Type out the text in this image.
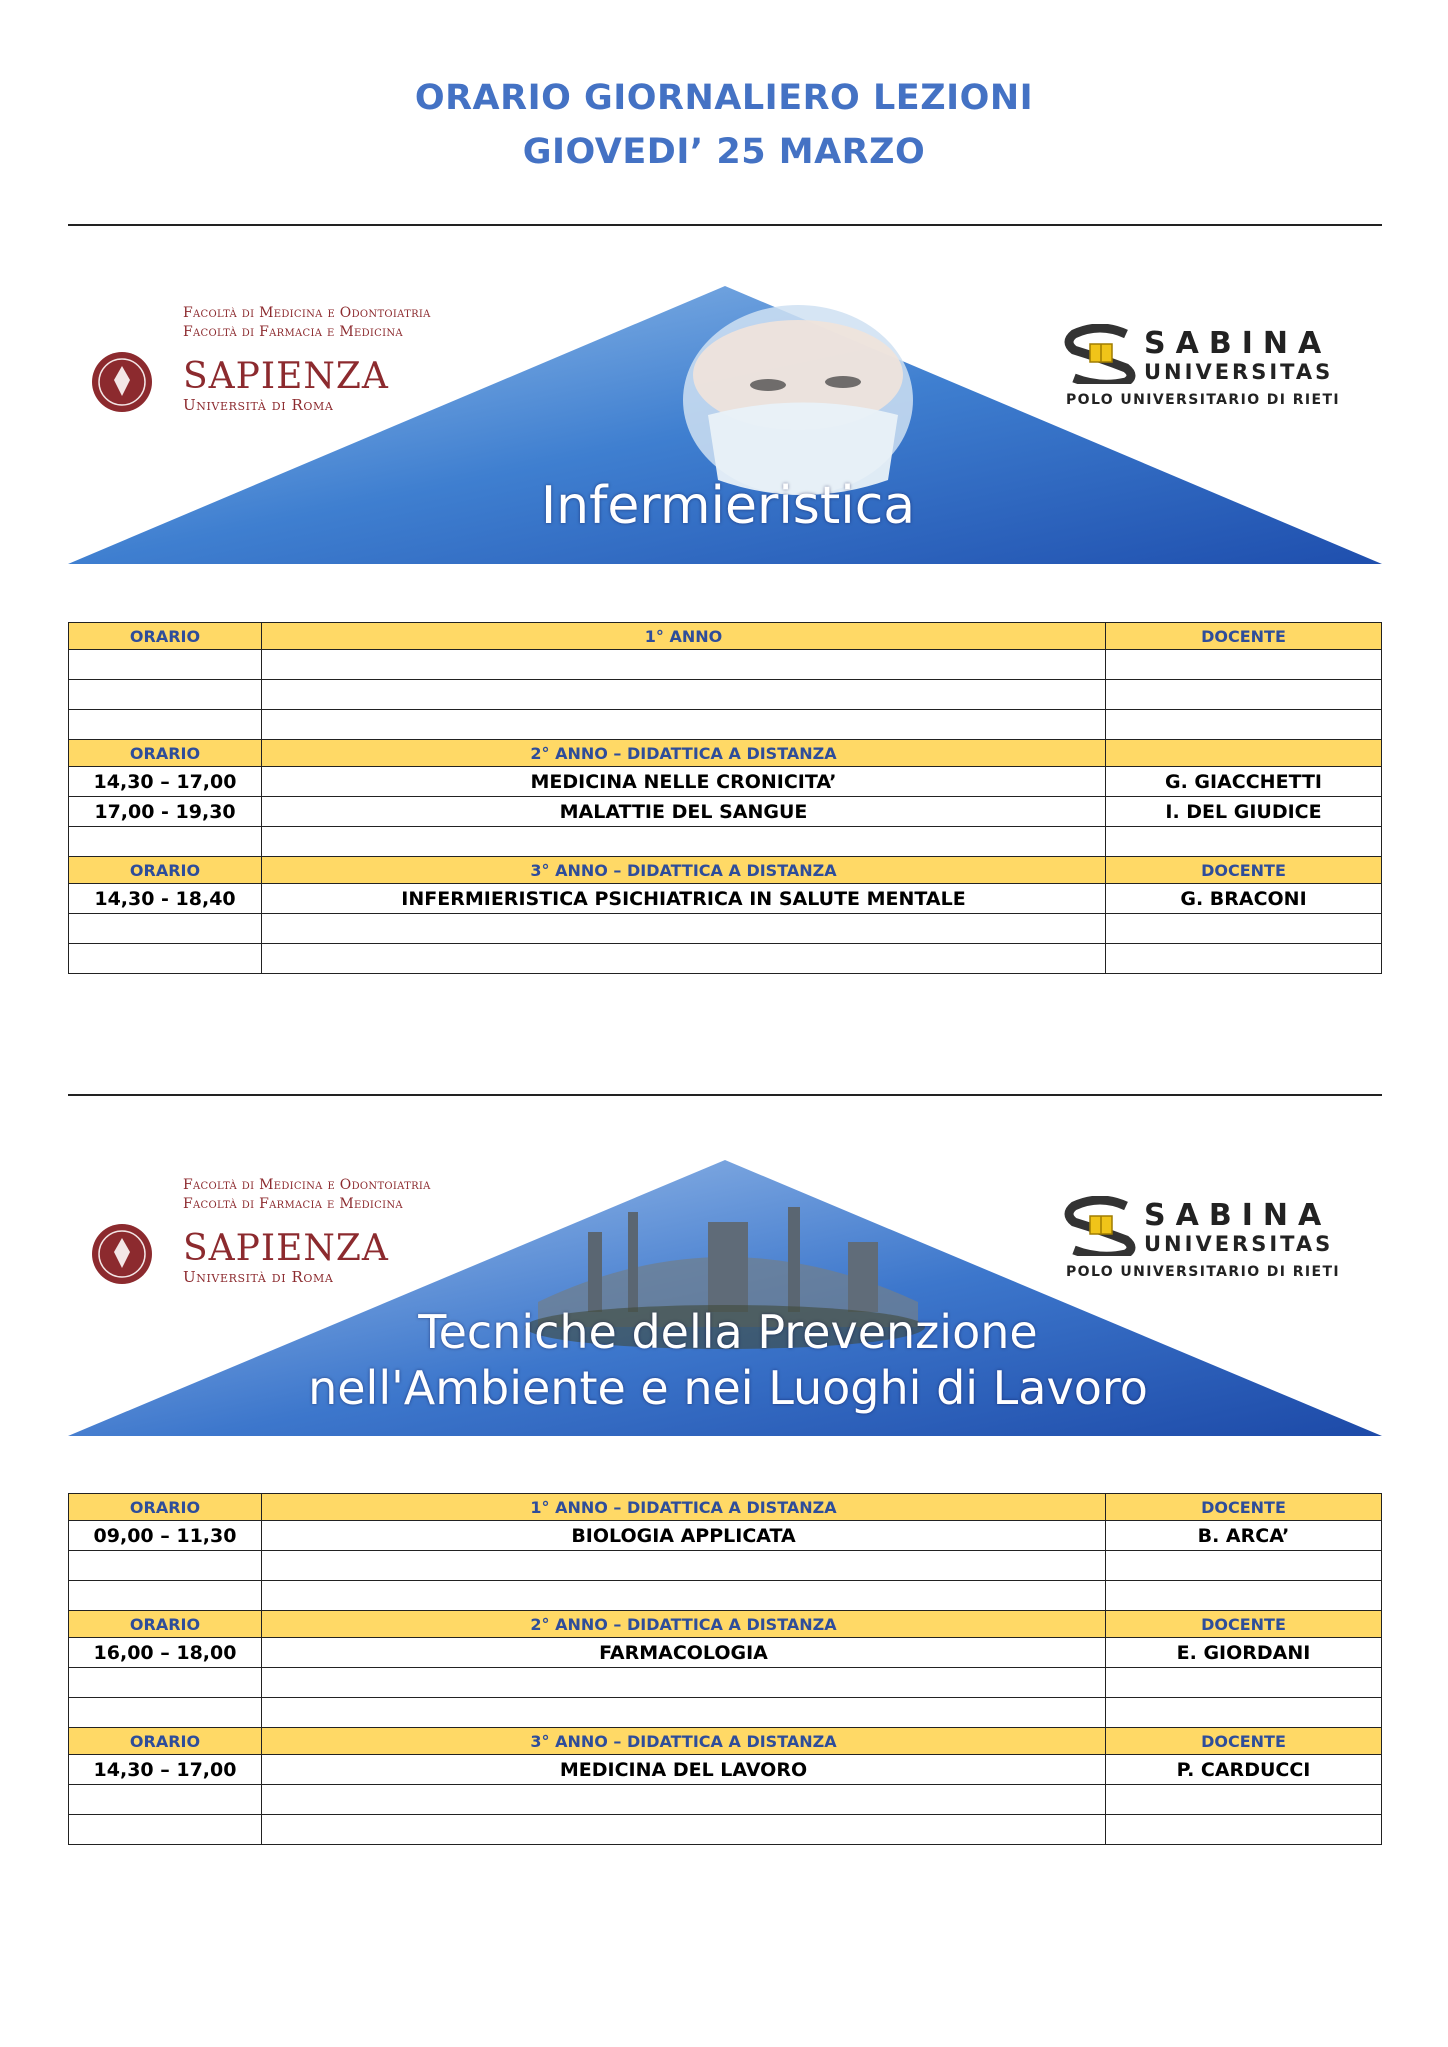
ORARIO GIORNALIERO LEZIONI
GIOVEDI’ 25 MARZO
Facoltà di Medicina e Odontoiatria
Facoltà di Farmacia e Medicina
SAPIENZA
Università di Roma
SABINA
UNIVERSITAS
POLO UNIVERSITARIO DI RIETI
Infermieristica
ORARIO	1° ANNO	DOCENTE

ORARIO	2° ANNO – DIDATTICA A DISTANZA	
14,30 – 17,00	MEDICINA NELLE CRONICITA’	G. GIACCHETTI
17,00 - 19,30	MALATTIE DEL SANGUE	I. DEL GIUDICE

ORARIO	3° ANNO – DIDATTICA A DISTANZA	DOCENTE
14,30 - 18,40	INFERMIERISTICA PSICHIATRICA IN SALUTE MENTALE	G. BRACONI

Facoltà di Medicina e Odontoiatria
Facoltà di Farmacia e Medicina
SAPIENZA
Università di Roma
SABINA
UNIVERSITAS
POLO UNIVERSITARIO DI RIETI
Tecniche della Prevenzione
nell'Ambiente e nei Luoghi di Lavoro
ORARIO	1° ANNO – DIDATTICA A DISTANZA	DOCENTE
09,00 – 11,30	BIOLOGIA APPLICATA	B. ARCA’

ORARIO	2° ANNO – DIDATTICA A DISTANZA	DOCENTE
16,00 – 18,00	FARMACOLOGIA	E. GIORDANI

ORARIO	3° ANNO – DIDATTICA A DISTANZA	DOCENTE
14,30 – 17,00	MEDICINA DEL LAVORO	P. CARDUCCI
